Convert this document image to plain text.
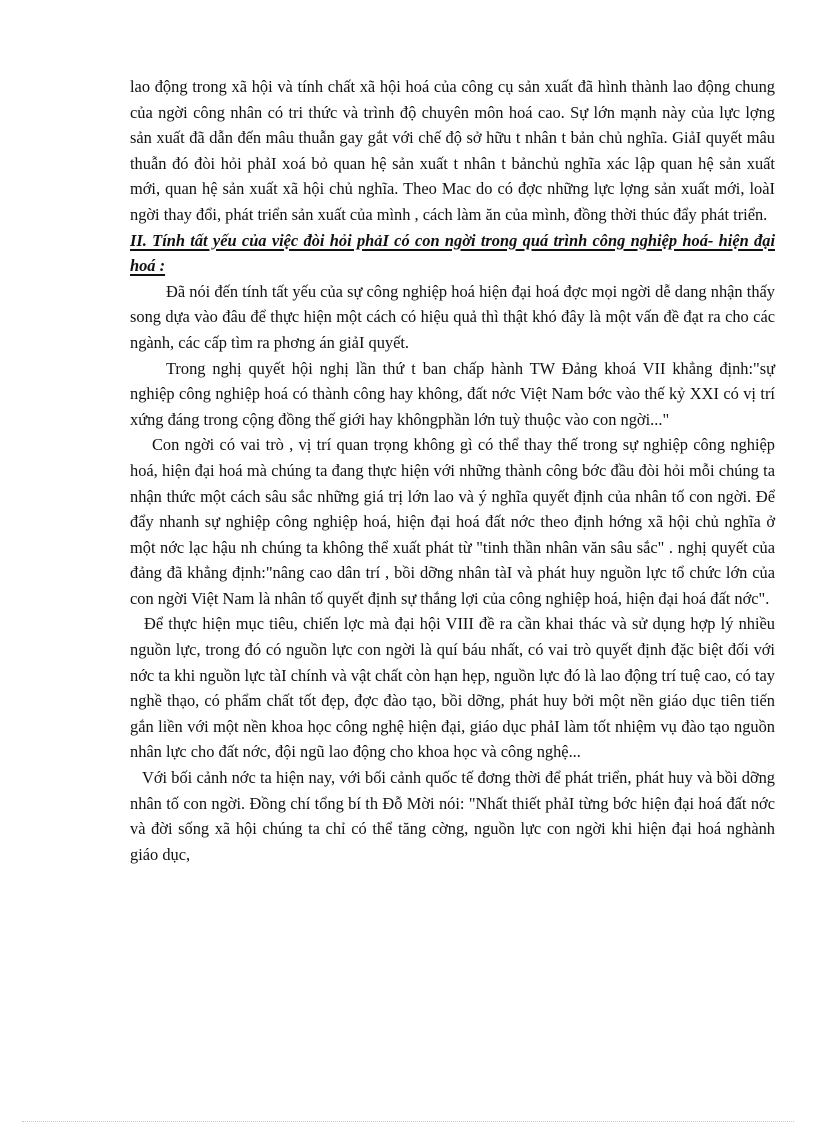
lao động trong xã hội và tính chất xã hội hoá của công cụ sản xuất đã hình thành lao động chung của ngời công nhân có tri thức và trình độ chuyên môn hoá cao. Sự lớn mạnh này của lực lợng sản xuất đã dẫn đến mâu thuẫn gay gắt với chế độ sở hữu t nhân t bản chủ nghĩa. GiảI quyết mâu thuẫn đó đòi hỏi phảI xoá bỏ quan hệ sản xuất t nhân t bảnchủ nghĩa xác lập quan hệ sản xuất mới, quan hệ sản xuất xã hội chủ nghĩa. Theo Mac do có đợc những lực lợng sản xuất mới, loàI ngời thay đổi, phát triển sản xuất của mình , cách làm ăn của mình, đồng thời thúc đẩy phát triển.

II. Tính tất yếu của việc đòi hỏi phảI có con ngời trong quá trình công nghiệp hoá- hiện đại hoá :

Đã nói đến tính tất yếu của sự công nghiệp hoá hiện đại hoá đợc mọi ngời dễ dang nhận thấy song dựa vào đâu để thực hiện một cách có hiệu quả thì thật khó đây là một vấn đề đạt ra cho các ngành, các cấp tìm ra phơng án giảI quyết.

Trong nghị quyết hội nghị lần thứ t ban chấp hành TW Đảng khoá VII khẳng định:"sự nghiệp công nghiệp hoá có thành công hay không, đất nớc Việt Nam bớc vào thế kỷ XXI có vị trí xứng đáng trong cộng đồng thế giới hay khôngphần lớn tuỳ thuộc vào con ngời..."

Con ngời có vai trò , vị trí quan trọng không gì có thể thay thế trong sự nghiệp công nghiệp hoá, hiện đại hoá mà chúng ta đang thực hiện với những thành công bớc đầu đòi hỏi mỗi chúng ta nhận thức một cách sâu sắc những giá trị lớn lao và ý nghĩa quyết định của nhân tố con ngời. Để đẩy nhanh sự nghiệp công nghiệp hoá, hiện đại hoá đất nớc theo định hớng xã hội chủ nghĩa ở một nớc lạc hậu nh chúng ta không thể xuất phát từ "tinh thần nhân văn sâu sắc" . nghị quyết của đảng đã khẳng định:"nâng cao dân trí , bồi dỡng nhân tàI và phát huy nguồn lực tổ chức lớn của con ngời Việt Nam là nhân tố quyết định sự thắng lợi của công nghiệp hoá, hiện đại hoá đất nớc".

Để thực hiện mục tiêu, chiến lợc mà đại hội VIII đề ra cần khai thác và sử dụng hợp lý nhiều nguồn lực, trong đó có nguồn lực con ngời là quí báu nhất, có vai trò quyết định đặc biệt đối với nớc ta khi nguồn lực tàI chính và vật chất còn hạn hẹp, nguồn lực đó là lao động trí tuệ cao, có tay nghề thạo, có phẩm chất tốt đẹp, đợc đào tạo, bồi dỡng, phát huy bởi một nền giáo dục tiên tiến gắn liền với một nền khoa học công nghệ hiện đại, giáo dục phảI làm tốt nhiệm vụ đào tạo nguồn nhân lực cho đất nớc, đội ngũ lao động cho khoa học và công nghệ...

Với bối cảnh nớc ta hiện nay, với bối cảnh quốc tế đơng thời để phát triển, phát huy và bồi dỡng nhân tố con ngời. Đồng chí tổng bí th Đỗ Mời nói: "Nhất thiết phảI từng bớc hiện đại hoá đất nớc và đời sống xã hội chúng ta chỉ có thể tăng cờng, nguồn lực con ngời khi hiện đại hoá nghành giáo dục,
